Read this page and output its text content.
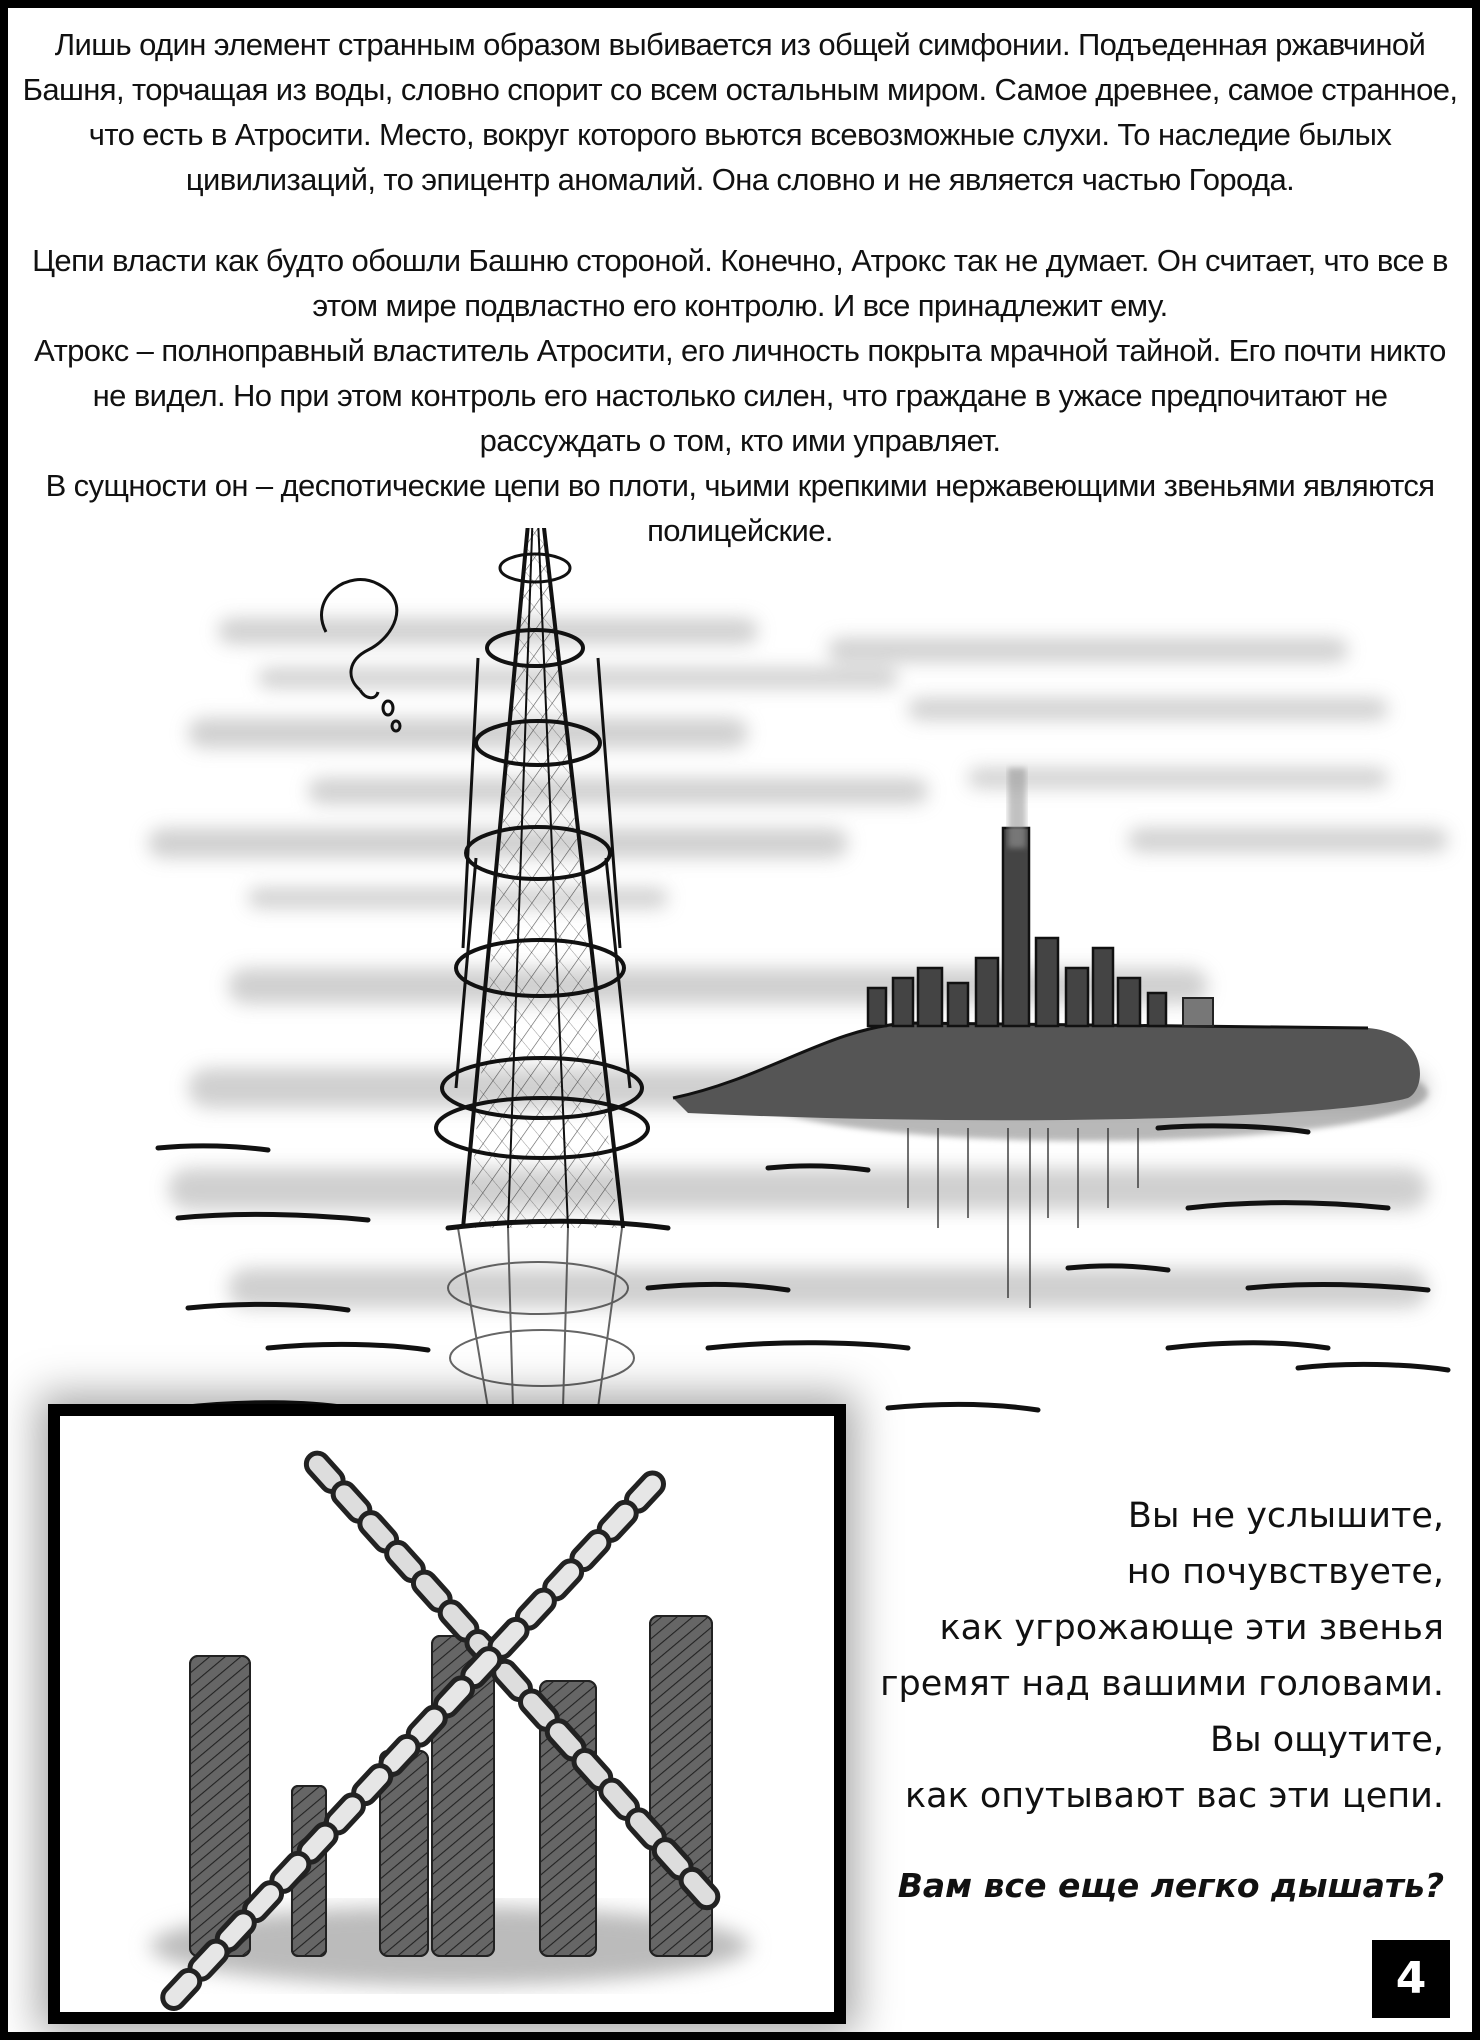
Лишь один элемент странным образом выбивается из общей симфонии. Подъеденная ржавчиной Башня, торчащая из воды, словно спорит со всем остальным миром. Самое древнее, самое странное, что есть в Атросити. Место, вокруг которого вьются всевозможные слухи. То наследие былых цивилизаций, то эпицентр аномалий. Она словно и не является частью Города.

Цепи власти как будто обошли Башню стороной. Конечно, Атрокс так не думает. Он считает, что все в этом мире подвластно его контролю. И все принадлежит ему.

Атрокс – полноправный властитель Атросити, его личность покрыта мрачной тайной. Его почти никто не видел. Но при этом контроль его настолько силен, что граждане в ужасе предпочитают не рассуждать о том, кто ими управляет.

В сущности он – деспотические цепи во плоти, чьими крепкими нержавеющими звеньями являются полицейские.

Вы не услышите,

но почувствуете,

как угрожающе эти звенья

гремят над вашими головами.

Вы ощутите,

как опутывают вас эти цепи.

Вам все еще легко дышать?
4
